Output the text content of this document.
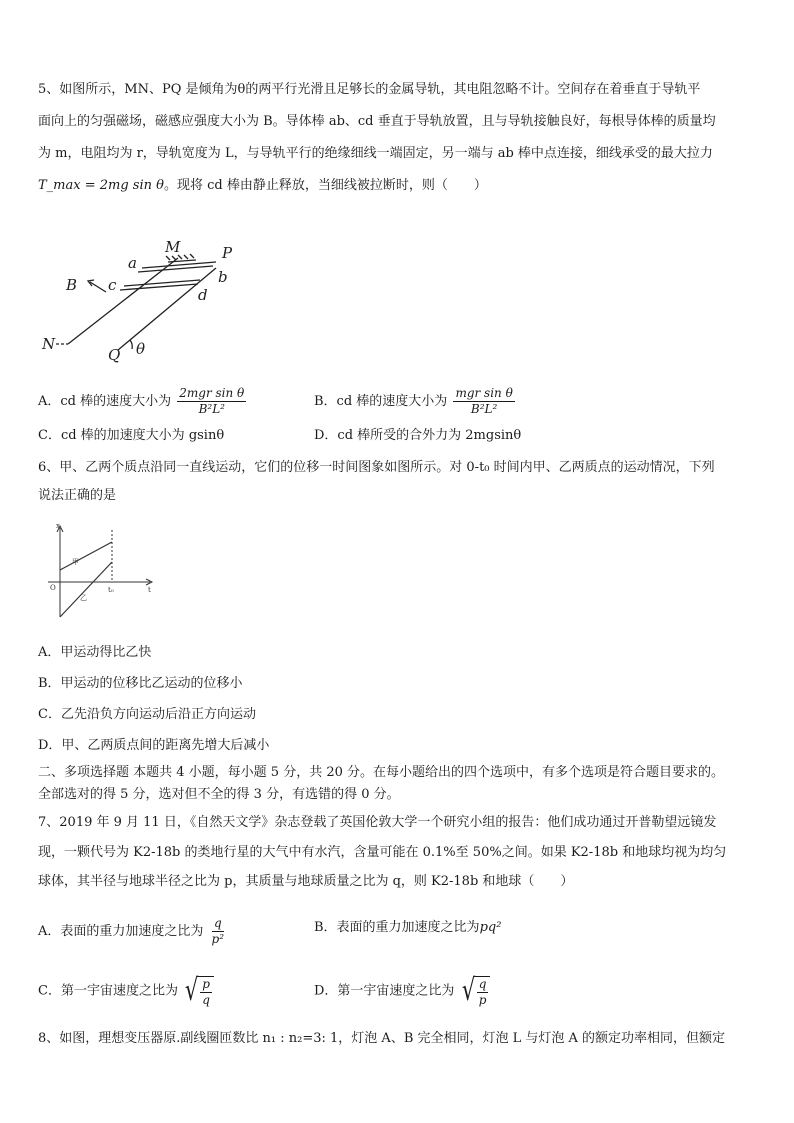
5、如图所示，MN、PQ 是倾角为θ的两平行光滑且足够长的金属导轨，其电阻忽略不计。空间存在着垂直于导轨平
面向上的匀强磁场，磁感应强度大小为 B。导体棒 ab、cd 垂直于导轨放置，且与导轨接触良好，每根导体棒的质量均
为 m，电阻均为 r，导轨宽度为 L，与导轨平行的绝缘细线一端固定，另一端与 ab 棒中点连接，细线承受的最大拉力
T_max = 2mg sin θ。现将 cd 棒由静止释放，当细线被拉断时，则（　　）
M	P
a
b
c
d
B
N
Q θ
A．cd 棒的速度大小为 $\frac{\text{2mgr sin θ}}{\text{B²L²}}$	B．cd 棒的速度大小为 $\frac{\text{mgr sin θ}}{\text{B²L²}}$
C．cd 棒的加速度大小为 gsinθ	D．cd 棒所受的合外力为 2mgsinθ
6、甲、乙两个质点沿同一直线运动，它们的位移一时间图象如图所示。对 0-t₀ 时间内甲、乙两质点的运动情况，下列
说法正确的是
x
t
O	t₀
甲
乙
A．甲运动得比乙快
B．甲运动的位移比乙运动的位移小
C．乙先沿负方向运动后沿正方向运动
D．甲、乙两质点间的距离先增大后减小
二、多项选择题 本题共 4 小题，每小题 5 分，共 20 分。在每小题给出的四个选项中，有多个选项是符合题目要求的。
全部选对的得 5 分，选对但不全的得 3 分，有选错的得 0 分。
7、2019 年 9 月 11 日，《自然天文学》杂志登载了英国伦敦大学一个研究小组的报告：他们成功通过开普勒望远镜发
现，一颗代号为 K2-18b 的类地行星的大气中有水汽，含量可能在 0.1%至 50%之间。如果 K2-18b 和地球均视为均匀
球体，其半径与地球半径之比为 p，其质量与地球质量之比为 q，则 K2-18b 和地球（　　）
A．表面的重力加速度之比为 $\frac{q}{\text{p²}}$	B．表面的重力加速度之比为pq²
C．第一宇宙速度之比为 √ $\frac{p}{q}$	D．第一宇宙速度之比为 √ $\frac{q}{p}$
8、如图，理想变压器原.副线圈匝数比 n₁ : n₂=3: 1，灯泡 A、B 完全相同，灯泡 L 与灯泡 A 的额定功率相同，但额定
